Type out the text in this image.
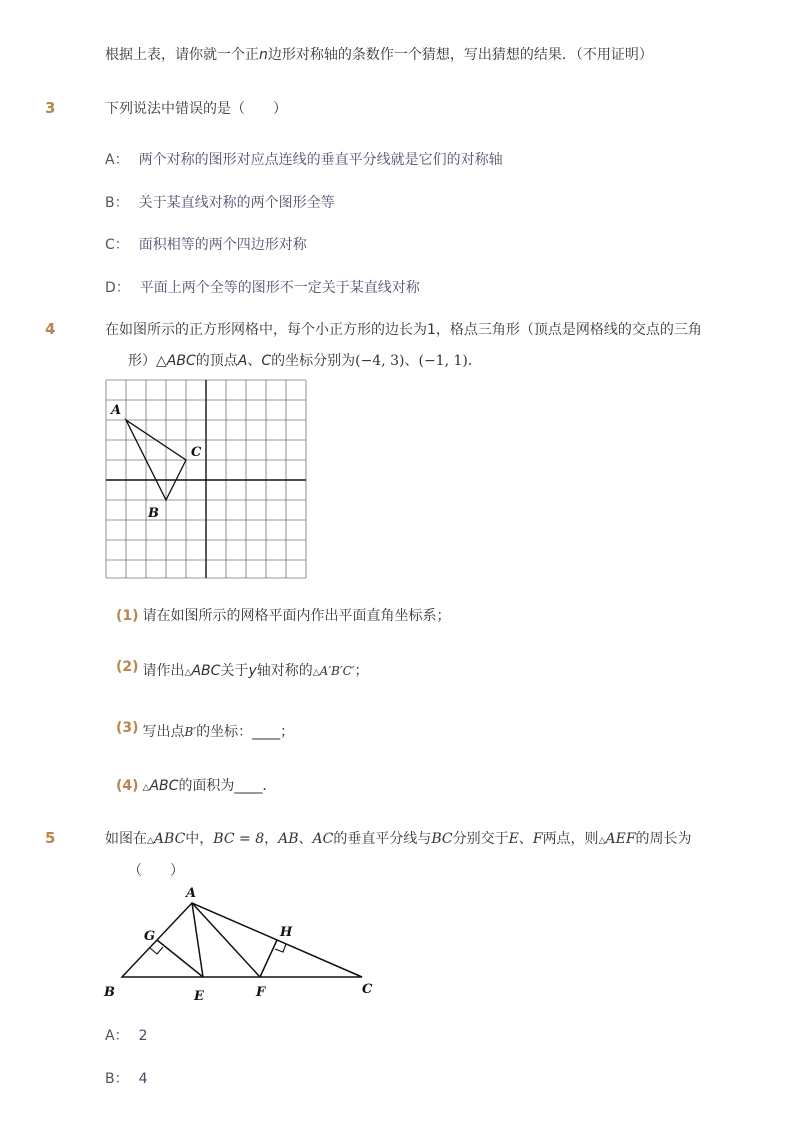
根据上表，请你就一个正n边形对称轴的条数作一个猜想，写出猜想的结果．（不用证明）
3	下列说法中错误的是（　　）
A： 两个对称的图形对应点连线的垂直平分线就是它们的对称轴
B： 关于某直线对称的两个图形全等
C： 面积相等的两个四边形对称
D： 平面上两个全等的图形不一定关于某直线对称
4	在如图所示的正方形网格中，每个小正方形的边长为1，格点三角形（顶点是网格线的交点的三角
形）△ABC的顶点A、C的坐标分别为(−4, 3)、(−1, 1)．
A
C
B
(1) 请在如图所示的网格平面内作出平面直角坐标系；
(2) 请作出△ABC关于y轴对称的△A′B′C′；
(3) 写出点B′的坐标：____；
(4) △ABC的面积为____．
5	如图在△ABC中，BC = 8，AB、AC的垂直平分线与BC分别交于E、F两点，则△AEF的周长为
（　　）
A
G	H
B	E	F	C
A： 2
B： 4
